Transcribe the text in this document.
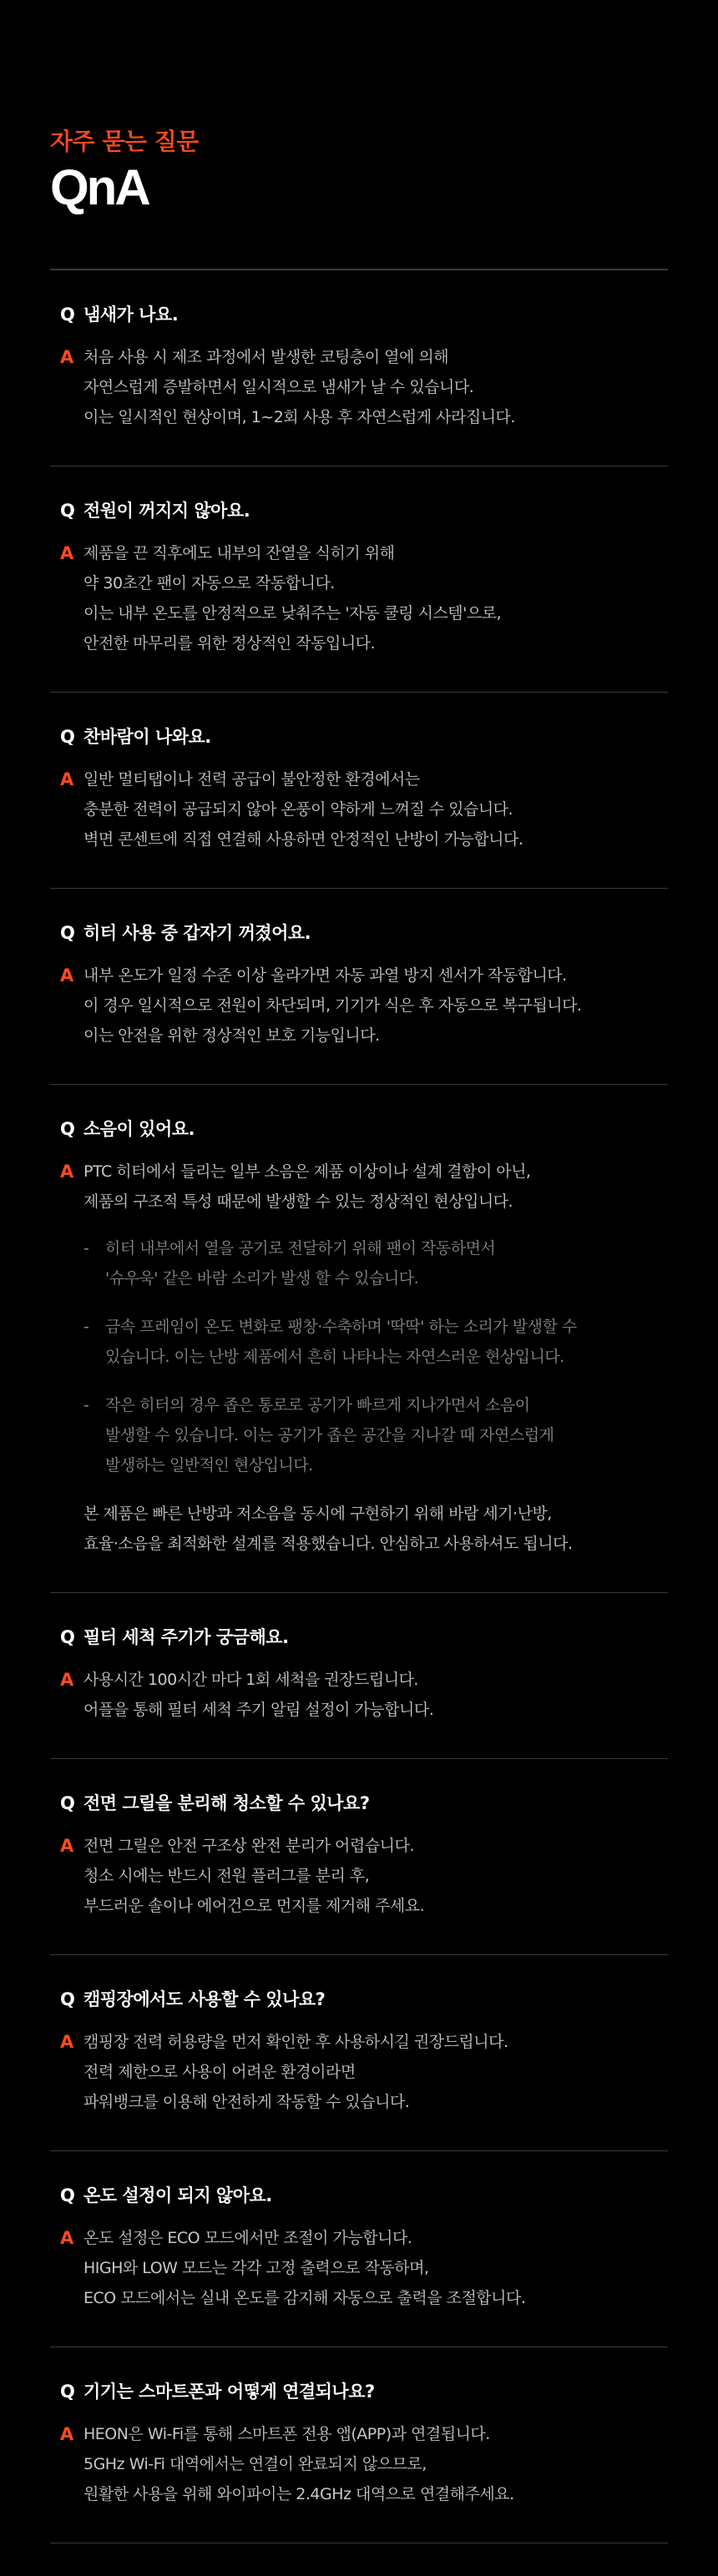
자주 묻는 질문

QnA
Q 냄새가 나요.
A 처음 사용 시 제조 과정에서 발생한 코팅층이 열에 의해
자연스럽게 증발하면서 일시적으로 냄새가 날 수 있습니다.
이는 일시적인 현상이며, 1~2회 사용 후 자연스럽게 사라집니다.
Q 전원이 꺼지지 않아요.
A 제품을 끈 직후에도 내부의 잔열을 식히기 위해
약 30초간 팬이 자동으로 작동합니다.
이는 내부 온도를 안정적으로 낮춰주는 '자동 쿨링 시스템'으로,
안전한 마무리를 위한 정상적인 작동입니다.
Q 찬바람이 나와요.
A 일반 멀티탭이나 전력 공급이 불안정한 환경에서는
충분한 전력이 공급되지 않아 온풍이 약하게 느껴질 수 있습니다.
벽면 콘센트에 직접 연결해 사용하면 안정적인 난방이 가능합니다.
Q 히터 사용 중 갑자기 꺼졌어요.
A 내부 온도가 일정 수준 이상 올라가면 자동 과열 방지 센서가 작동합니다.
이 경우 일시적으로 전원이 차단되며, 기기가 식은 후 자동으로 복구됩니다.
이는 안전을 위한 정상적인 보호 기능입니다.
Q 소음이 있어요.
A PTC 히터에서 들리는 일부 소음은 제품 이상이나 설계 결함이 아닌,
제품의 구조적 특성 때문에 발생할 수 있는 정상적인 현상입니다.
-	히터 내부에서 열을 공기로 전달하기 위해 팬이 작동하면서
'슈우욱' 같은 바람 소리가 발생 할 수 있습니다.
-	금속 프레임이 온도 변화로 팽창·수축하며 '딱딱' 하는 소리가 발생할 수
있습니다. 이는 난방 제품에서 흔히 나타나는 자연스러운 현상입니다.
-	작은 히터의 경우 좁은 통로로 공기가 빠르게 지나가면서 소음이
발생할 수 있습니다. 이는 공기가 좁은 공간을 지나갈 때 자연스럽게
발생하는 일반적인 현상입니다.
본 제품은 빠른 난방과 저소음을 동시에 구현하기 위해 바람 세기·난방,
효율·소음을 최적화한 설계를 적용했습니다. 안심하고 사용하셔도 됩니다.
Q 필터 세척 주기가 궁금해요.
A 사용시간 100시간 마다 1회 세척을 권장드립니다.
어플을 통해 필터 세척 주기 알림 설정이 가능합니다.
Q 전면 그릴을 분리해 청소할 수 있나요?
A 전면 그릴은 안전 구조상 완전 분리가 어렵습니다.
청소 시에는 반드시 전원 플러그를 분리 후,
부드러운 솔이나 에어건으로 먼지를 제거해 주세요.
Q 캠핑장에서도 사용할 수 있나요?
A 캠핑장 전력 허용량을 먼저 확인한 후 사용하시길 권장드립니다.
전력 제한으로 사용이 어려운 환경이라면
파워뱅크를 이용해 안전하게 작동할 수 있습니다.
Q 온도 설정이 되지 않아요.
A 온도 설정은 ECO 모드에서만 조절이 가능합니다.
HIGH와 LOW 모드는 각각 고정 출력으로 작동하며,
ECO 모드에서는 실내 온도를 감지해 자동으로 출력을 조절합니다.
Q 기기는 스마트폰과 어떻게 연결되나요?
A HEON은 Wi-Fi를 통해 스마트폰 전용 앱(APP)과 연결됩니다.
5GHz Wi-Fi 대역에서는 연결이 완료되지 않으므로,
원활한 사용을 위해 와이파이는 2.4GHz 대역으로 연결해주세요.
